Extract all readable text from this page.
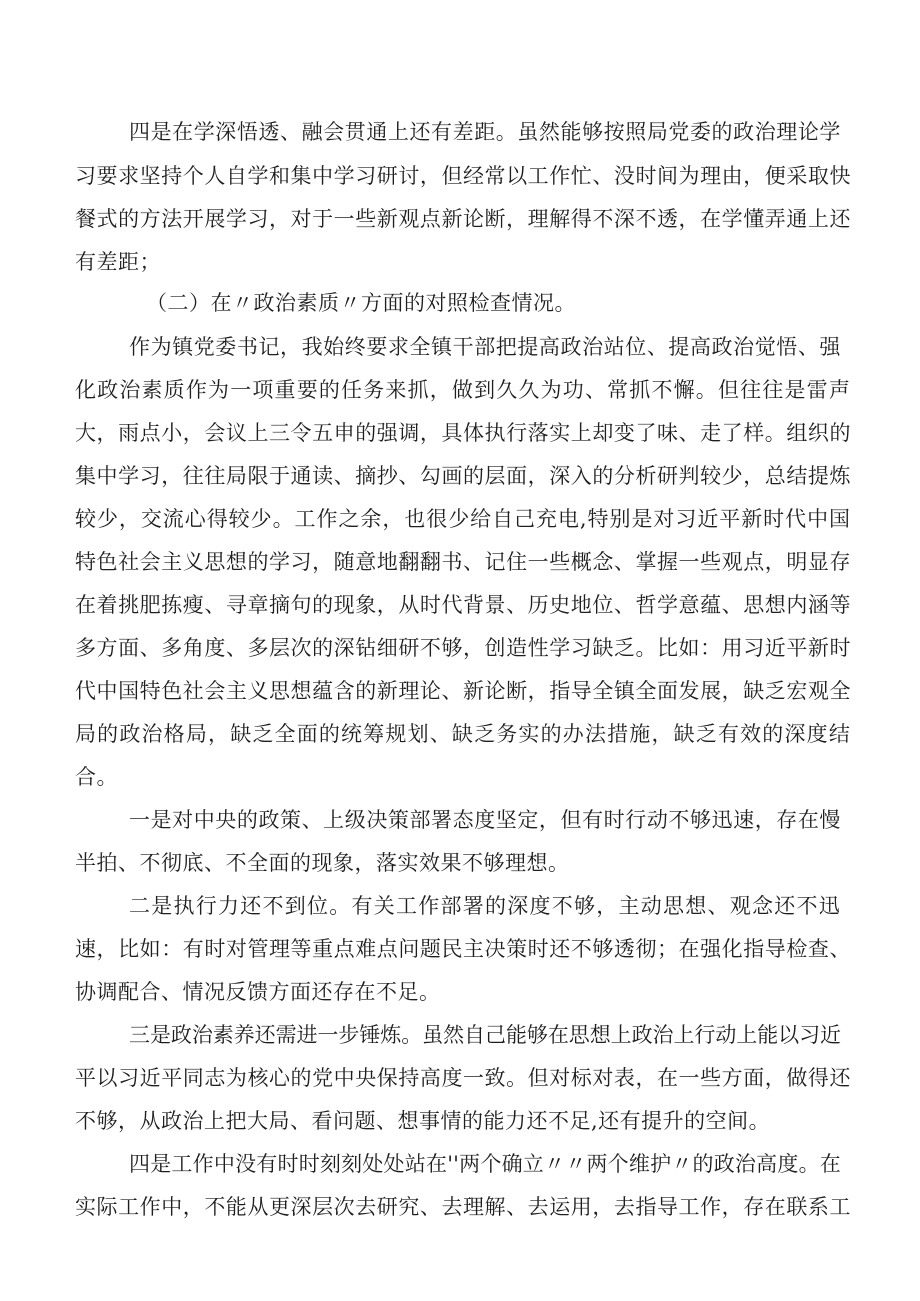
四是在学深悟透、融会贯通上还有差距。虽然能够按照局党委的政治理论学

习要求坚持个人自学和集中学习研讨，但经常以工作忙、没时间为理由，便采取快

餐式的方法开展学习，对于一些新观点新论断，理解得不深不透，在学懂弄通上还

有差距；

（二）在〃政治素质〃方面的对照检查情况。

作为镇党委书记，我始终要求全镇干部把提高政治站位、提高政治觉悟、强

化政治素质作为一项重要的任务来抓，做到久久为功、常抓不懈。但往往是雷声

大，雨点小，会议上三令五申的强调，具体执行落实上却变了味、走了样。组织的

集中学习，往往局限于通读、摘抄、勾画的层面，深入的分析研判较少，总结提炼

较少，交流心得较少。工作之余，也很少给自己充电,特别是对习近平新时代中国

特色社会主义思想的学习，随意地翻翻书、记住一些概念、掌握一些观点，明显存

在着挑肥拣瘦、寻章摘句的现象，从时代背景、历史地位、哲学意蕴、思想内涵等

多方面、多角度、多层次的深钻细研不够，创造性学习缺乏。比如：用习近平新时

代中国特色社会主义思想蕴含的新理论、新论断，指导全镇全面发展，缺乏宏观全

局的政治格局，缺乏全面的统筹规划、缺乏务实的办法措施，缺乏有效的深度结

合。

一是对中央的政策、上级决策部署态度坚定，但有时行动不够迅速，存在慢

半拍、不彻底、不全面的现象，落实效果不够理想。

二是执行力还不到位。有关工作部署的深度不够，主动思想、观念还不迅

速，比如：有时对管理等重点难点问题民主决策时还不够透彻；在强化指导检查、

协调配合、情况反馈方面还存在不足。

三是政治素养还需进一步锤炼。虽然自己能够在思想上政治上行动上能以习近

平以习近平同志为核心的党中央保持高度一致。但对标对表，在一些方面，做得还

不够，从政治上把大局、看问题、想事情的能力还不足,还有提升的空间。

四是工作中没有时时刻刻处处站在''两个确立〃〃两个维护〃的政治高度。在

实际工作中，不能从更深层次去研究、去理解、去运用，去指导工作，存在联系工
